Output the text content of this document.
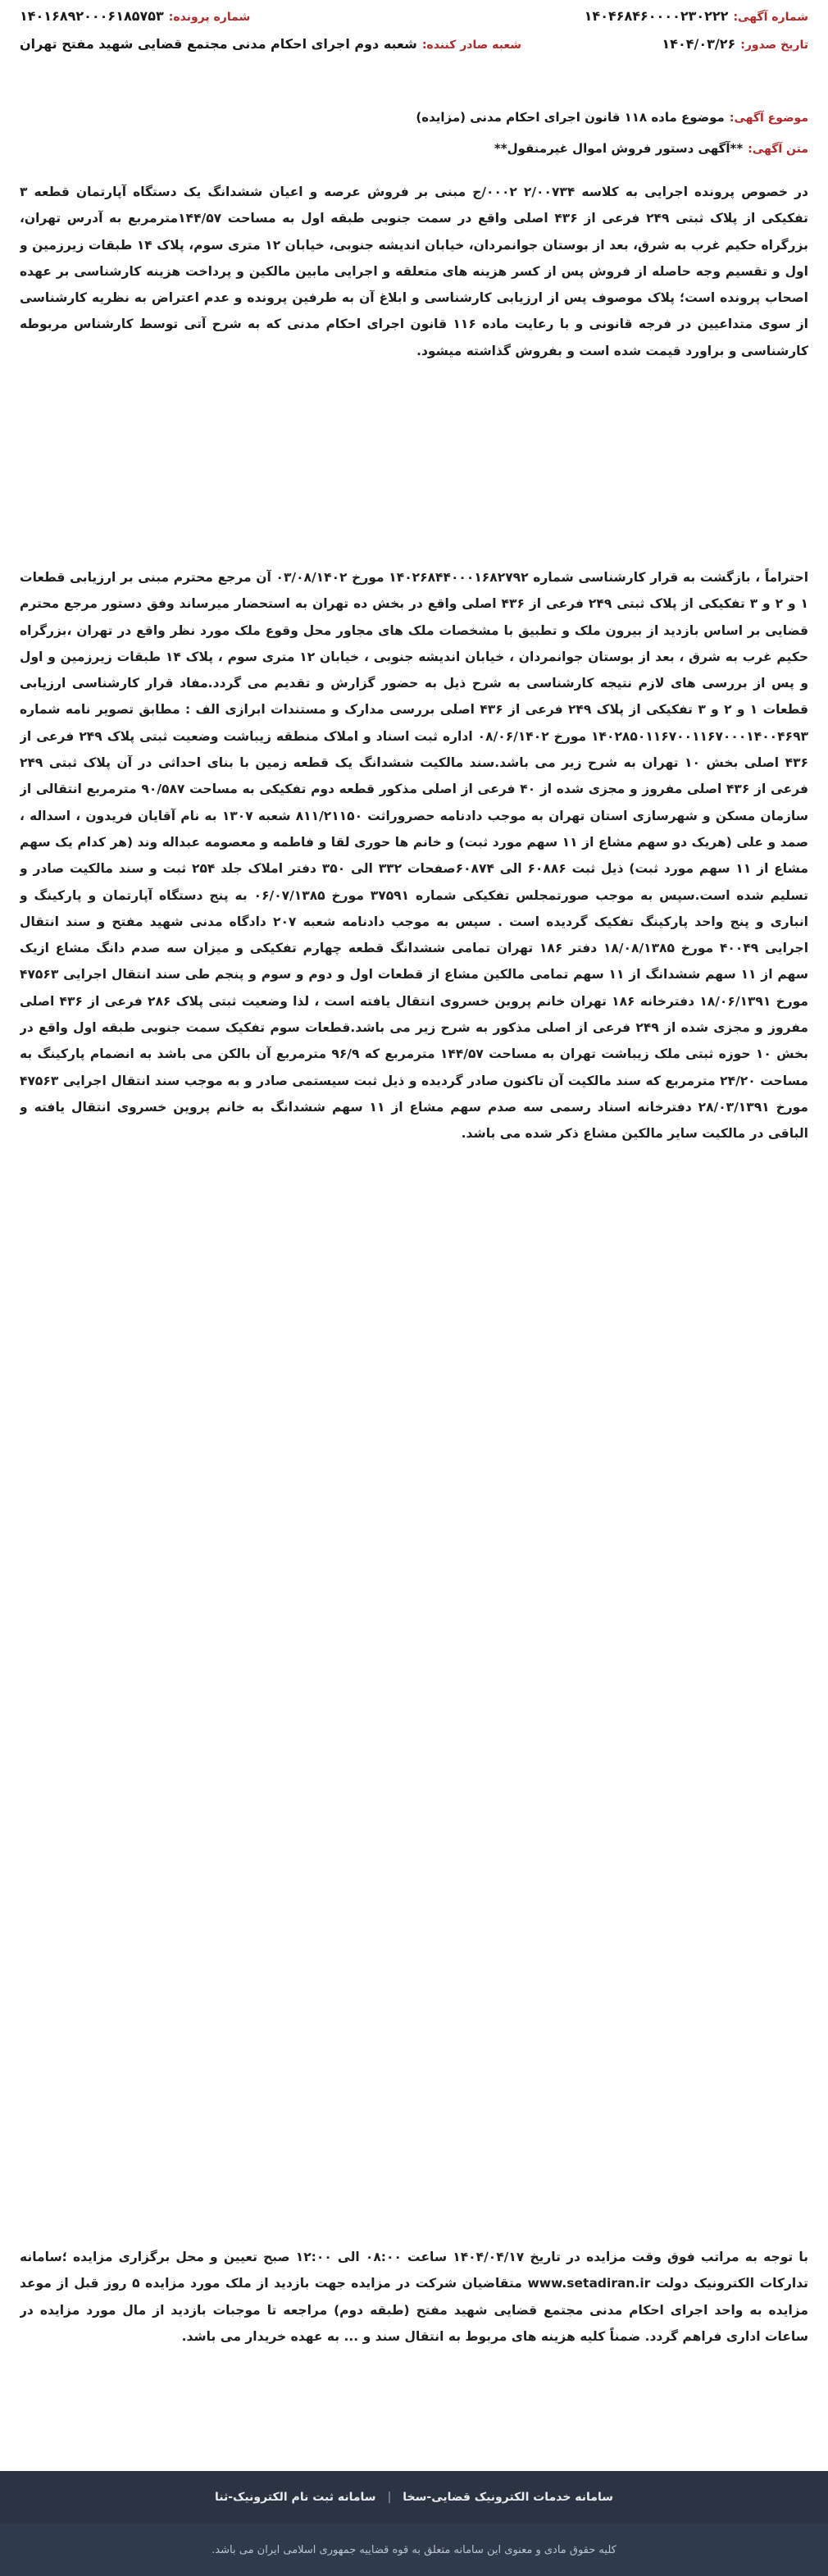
شماره آگهی:
۱۴۰۴۶۸۴۶۰۰۰۰۲۳۰۲۲۲
شماره پرونده:
۱۴۰۱۶۸۹۲۰۰۰۶۱۸۵۷۵۳
تاریخ صدور:
۱۴۰۴/۰۳/۲۶
شعبه صادر کنندە:
شعبه دوم اجرای احکام مدنی مجتمع قضایی شهید مفتح تهران
موضوع آگهی:
موضوع ماده ۱۱۸ قانون اجرای احکام مدنی (مزایده)
متن آگهی:
**آگهی دستور فروش اموال غیرمنقول**

در خصوص پرونده اجرایی به کلاسه ۲/۰۰۷۳۴ ۰۰۰۲/ج مبنی بر فروش عرصه و اعیان ششدانگ یک دستگاه آپارتمان قطعه ۳ تفکیکی از پلاک ثبتی ۲۴۹ فرعی از ۴۳۶ اصلی واقع در سمت جنوبی طبقه اول به مساحت ۱۴۴/۵۷مترمربع به آدرس تهران، بزرگراه حکیم غرب به شرق، بعد از بوستان جوانمردان، خیابان اندیشه جنوبی، خیابان ۱۲ متری سوم، پلاک ۱۴ طبقات زیرزمین و اول و تقسیم وجه حاصله از فروش پس از کسر هزینه های متعلقه و اجرایی مابین مالکین و پرداخت هزینه کارشناسی بر عهده اصحاب پرونده است؛ پلاک موصوف پس از ارزیابی کارشناسی و ابلاغ آن به طرفین پرونده و عدم اعتراض به نظریه کارشناسی از سوی متداعیین در فرجه قانونی و با رعایت ماده ۱۱۶ قانون اجرای احکام مدنی که به شرح آتی توسط کارشناس مربوطه کارشناسی و براورد قیمت شده است و بفروش گذاشته میشود.

احتراماً ، بازگشت به قرار کارشناسی شماره ۱۴۰۲۶۸۴۴۰۰۰۱۶۸۲۷۹۲ مورخ ۰۳/۰۸/۱۴۰۲ آن مرجع محترم مبنی بر ارزیابی قطعات ۱ و ۲ و ۳ تفکیکی از پلاک ثبتی ۲۴۹ فرعی از ۴۳۶ اصلی واقع در بخش ده تهران به استحضار میرساند وفق دستور مرجع محترم قضایی بر اساس بازدید از بیرون ملک و تطبیق با مشخصات ملک های مجاور محل وقوع ملک مورد نظر واقع در تهران ،بزرگراه حکیم غرب به شرق ، بعد از بوستان جوانمردان ، خیابان اندیشه جنوبی ، خیابان ۱۲ متری سوم ، پلاک ۱۴ طبقات زیرزمین و اول و پس از بررسی های لازم نتیجه کارشناسی به شرح ذیل به حضور گزارش و تقدیم می گردد.مفاد قرار کارشناسی ارزیابی قطعات ۱ و ۲ و ۳ تفکیکی از پلاک ۲۴۹ فرعی از ۴۳۶ اصلی بررسی مدارک و مستندات ابرازی الف : مطابق تصویر نامه شماره ۱۴۰۲۸۵۰۱۱۶۷۰۰۱۱۶۷۰۰۰۱۴۰۰۴۶۹۳ مورخ ۰۸/۰۶/۱۴۰۲ اداره ثبت اسناد و املاک منطقه زیباشت وضعیت ثبتی پلاک ۲۴۹ فرعی از ۴۳۶ اصلی بخش ۱۰ تهران به شرح زیر می باشد.سند مالکیت ششدانگ یک قطعه زمین با بنای احداثی در آن پلاک ثبتی ۲۴۹ فرعی از ۴۳۶ اصلی مفروز و مجزی شده از ۴۰ فرعی از اصلی مذکور قطعه دوم تفکیکی به مساحت ۹۰/۵۸۷ مترمربع انتقالی از سازمان مسکن و شهرسازی استان تهران به موجب دادنامه حصروراثت ۸۱۱/۲۱۱۵۰ شعبه ۱۳۰۷ به نام آقایان فریدون ، اسداله ، صمد و علی (هریک دو سهم مشاع از ۱۱ سهم مورد ثبت) و خانم ها حوری لقا و فاطمه و معصومه عبداله وند (هر کدام یک سهم مشاع از ۱۱ سهم مورد ثبت) ذیل ثبت ۶۰۸۸۶ الی ۶۰۸۷۴صفحات ۳۳۲ الی ۳۵۰ دفتر املاک جلد ۲۵۴ ثبت و سند مالکیت صادر و تسلیم شده است.سپس به موجب صورتمجلس تفکیکی شماره ۳۷۵۹۱ مورخ ۰۶/۰۷/۱۳۸۵ به پنج دستگاه آپارتمان و پارکینگ و انباری و پنج واحد پارکینگ تفکیک گردیده است . سپس به موجب دادنامه شعبه ۲۰۷ دادگاه مدنی شهید مفتح و سند انتقال اجرایی ۴۰۰۴۹ مورخ ۱۸/۰۸/۱۳۸۵ دفتر ۱۸۶ تهران تمامی ششدانگ قطعه چهارم تفکیکی و میزان سه صدم دانگ مشاع ازیک سهم از ۱۱ سهم ششدانگ از ۱۱ سهم تمامی مالکین مشاع از قطعات اول و دوم و سوم و پنجم طی سند انتقال اجرایی ۴۷۵۶۳ مورخ ۱۸/۰۶/۱۳۹۱ دفترخانه ۱۸۶ تهران خانم پروین خسروی انتقال یافته است ، لذا وضعیت ثبتی پلاک ۲۸۶ فرعی از ۴۳۶ اصلی مفروز و مجزی شده از ۲۴۹ فرعی از اصلی مذکور به شرح زیر می باشد.قطعات سوم تفکیک سمت جنوبی طبقه اول واقع در بخش ۱۰ حوزه ثبتی ملک زیباشت تهران به مساحت ۱۴۴/۵۷ مترمربع که ۹۶/۹ مترمربع آن بالکن می باشد به انضمام پارکینگ به مساحت ۲۴/۲۰ مترمربع که سند مالکیت آن تاکنون صادر گردیده و ذیل ثبت سیستمی صادر و به موجب سند انتقال اجرایی ۴۷۵۶۳ مورخ ۲۸/۰۳/۱۳۹۱ دفترخانه اسناد رسمی سه صدم سهم مشاع از ۱۱ سهم ششدانگ به خانم پروین خسروی انتقال یافته و الباقی در مالکیت سایر مالکین مشاع ذکر شده می باشد.

با توجه به مراتب فوق وقت مزایده در تاریخ ۱۴۰۴/۰۴/۱۷ ساعت ۰۸:۰۰ الی ۱۲:۰۰ صبح تعیین و محل برگزاری مزایده ؛سامانه تدارکات الکترونیک دولت www.setadiran.ir متقاضیان شرکت در مزایده جهت بازدید از ملک مورد مزایده ۵ روز قبل از موعد مزایده به واحد اجرای احکام مدنی مجتمع قضایی شهید مفتح (طبقه دوم) مراجعه تا موجبات بازدید از مال مورد مزایده در ساعات اداری فراهم گردد. ضمناً کلیه هزینه های مربوط به انتقال سند و ... به عهده خریدار می باشد.

سامانه خدمات الکترونیک قضایی-سخا
|
سامانه ثبت نام الکترونیک-ثنا
کلیه حقوق مادی و معنوی این سامانه متعلق به قوه قضاییه جمهوری اسلامی ایران می باشد.
